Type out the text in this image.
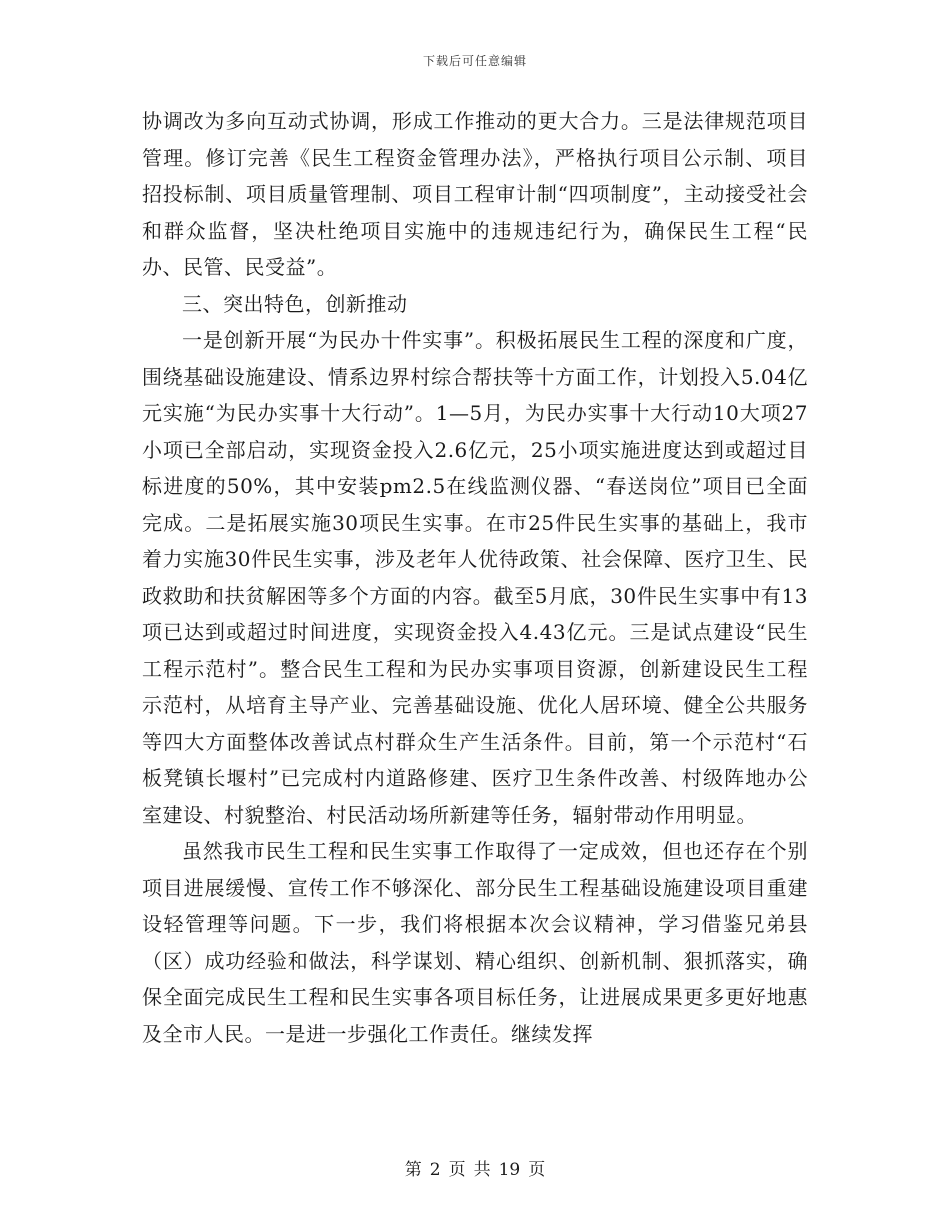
下载后可任意编辑

协调改为多向互动式协调，形成工作推动的更大合力。三是法律规范项目管理。修订完善《民生工程资金管理办法》，严格执行项目公示制、项目招投标制、项目质量管理制、项目工程审计制“四项制度”，主动接受社会和群众监督，坚决杜绝项目实施中的违规违纪行为，确保民生工程“民办、民管、民受益”。

三、突出特色，创新推动

一是创新开展“为民办十件实事”。积极拓展民生工程的深度和广度，围绕基础设施建设、情系边界村综合帮扶等十方面工作，计划投入5.04亿元实施“为民办实事十大行动”。1—5月，为民办实事十大行动10大项27小项已全部启动，实现资金投入2.6亿元，25小项实施进度达到或超过目标进度的50%，其中安装pm2.5在线监测仪器、“春送岗位”项目已全面完成。二是拓展实施30项民生实事。在市25件民生实事的基础上，我市着力实施30件民生实事，涉及老年人优待政策、社会保障、医疗卫生、民政救助和扶贫解困等多个方面的内容。截至5月底，30件民生实事中有13项已达到或超过时间进度，实现资金投入4.43亿元。三是试点建设“民生工程示范村”。整合民生工程和为民办实事项目资源，创新建设民生工程示范村，从培育主导产业、完善基础设施、优化人居环境、健全公共服务等四大方面整体改善试点村群众生产生活条件。目前，第一个示范村“石板凳镇长堰村”已完成村内道路修建、医疗卫生条件改善、村级阵地办公室建设、村貌整治、村民活动场所新建等任务，辐射带动作用明显。

虽然我市民生工程和民生实事工作取得了一定成效，但也还存在个别项目进展缓慢、宣传工作不够深化、部分民生工程基础设施建设项目重建设轻管理等问题。下一步，我们将根据本次会议精神，学习借鉴兄弟县（区）成功经验和做法，科学谋划、精心组织、创新机制、狠抓落实，确保全面完成民生工程和民生实事各项目标任务，让进展成果更多更好地惠及全市人民。一是进一步强化工作责任。继续发挥

第 2 页 共 19 页
